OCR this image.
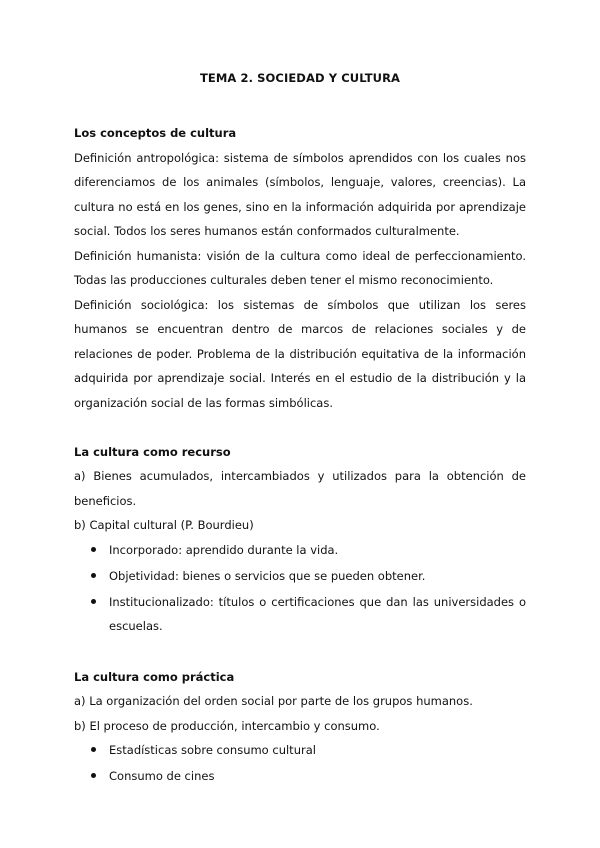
TEMA 2. SOCIEDAD Y CULTURA

Los conceptos de cultura

Definición antropológica: sistema de símbolos aprendidos con los cuales nos diferenciamos de los animales (símbolos, lenguaje, valores, creencias). La cultura no está en los genes, sino en la información adquirida por aprendizaje social. Todos los seres humanos están conformados culturalmente.

Definición humanista: visión de la cultura como ideal de perfeccionamiento. Todas las producciones culturales deben tener el mismo reconocimiento.

Definición sociológica: los sistemas de símbolos que utilizan los seres humanos se encuentran dentro de marcos de relaciones sociales y de relaciones de poder. Problema de la distribución equitativa de la información adquirida por aprendizaje social. Interés en el estudio de la distribución y la organización social de las formas simbólicas.

La cultura como recurso

a) Bienes acumulados, intercambiados y utilizados para la obtención de beneficios.

b) Capital cultural (P. Bourdieu)

Incorporado: aprendido durante la vida.
Objetividad: bienes o servicios que se pueden obtener.
Institucionalizado: títulos o certificaciones que dan las universidades o escuelas.

La cultura como práctica

a) La organización del orden social por parte de los grupos humanos.

b) El proceso de producción, intercambio y consumo.

Estadísticas sobre consumo cultural
Consumo de cines
